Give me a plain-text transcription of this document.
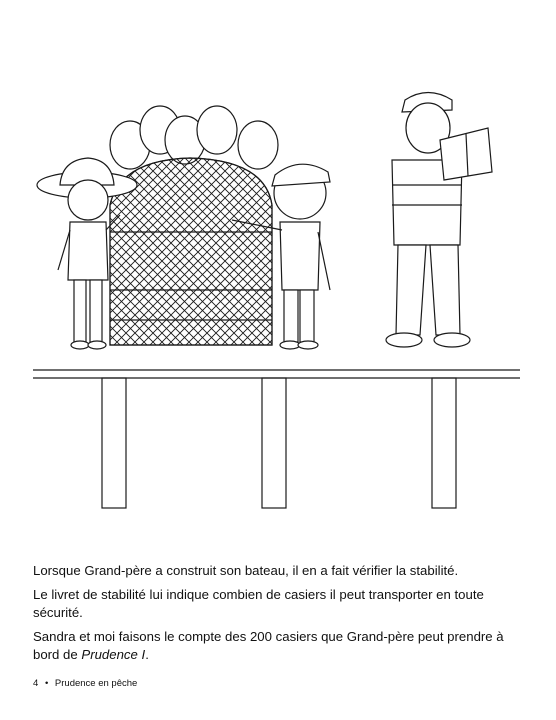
Lorsque Grand-père a construit son bateau, il en a fait vérifier la stabilité.

Le livret de stabilité lui indique combien de casiers il peut transporter en toute sécurité.

Sandra et moi faisons le compte des 200 casiers que Grand-père peut prendre à bord de Prudence I.

4 • Prudence en pêche
